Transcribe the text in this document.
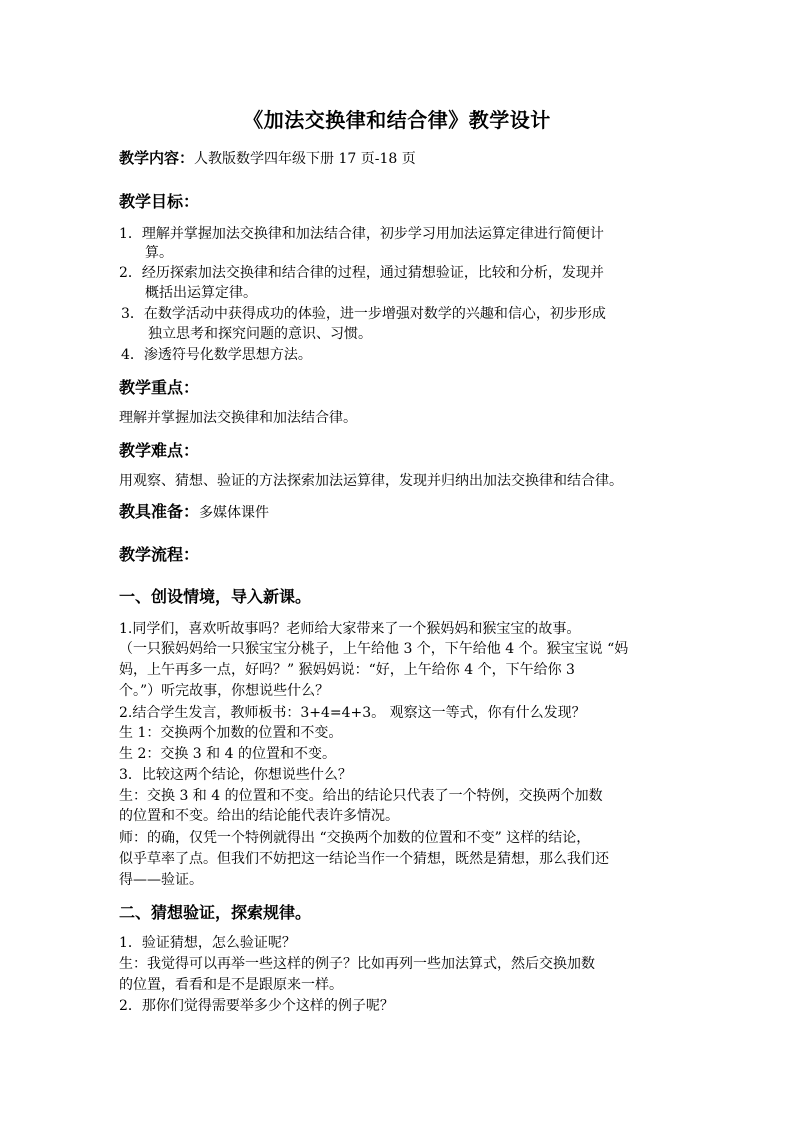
《加法交换律和结合律》教学设计
教学内容：人教版数学四年级下册 17 页-18 页
教学目标：
1．理解并掌握加法交换律和加法结合律，初步学习用加法运算定律进行简便计
算。
2．经历探索加法交换律和结合律的过程，通过猜想验证，比较和分析，发现并
概括出运算定律。
3．在数学活动中获得成功的体验，进一步增强对数学的兴趣和信心，初步形成
独立思考和探究问题的意识、习惯。
4．渗透符号化数学思想方法。
教学重点：
理解并掌握加法交换律和加法结合律。
教学难点：
用观察、猜想、验证的方法探索加法运算律，发现并归纳出加法交换律和结合律。
教具准备：多媒体课件
教学流程：
一、创设情境，导入新课。
1.同学们，喜欢听故事吗？老师给大家带来了一个猴妈妈和猴宝宝的故事。
（一只猴妈妈给一只猴宝宝分桃子，上午给他 3 个，下午给他 4 个。猴宝宝说 “妈
妈，上午再多一点，好吗？” 猴妈妈说：“好，上午给你 4 个，下午给你 3
个。”）听完故事，你想说些什么？
2.结合学生发言，教师板书：3+4=4+3。 观察这一等式，你有什么发现？
生 1：交换两个加数的位置和不变。
生 2：交换 3 和 4 的位置和不变。
3．比较这两个结论，你想说些什么？
生：交换 3 和 4 的位置和不变。给出的结论只代表了一个特例，交换两个加数
的位置和不变。给出的结论能代表许多情况。
师：的确，仅凭一个特例就得出 “交换两个加数的位置和不变” 这样的结论，
似乎草率了点。但我们不妨把这一结论当作一个猜想，既然是猜想，那么我们还
得——验证。
二、猜想验证，探索规律。
1．验证猜想，怎么验证呢？
生：我觉得可以再举一些这样的例子？比如再列一些加法算式，然后交换加数
的位置，看看和是不是跟原来一样。
2．那你们觉得需要举多少个这样的例子呢？
